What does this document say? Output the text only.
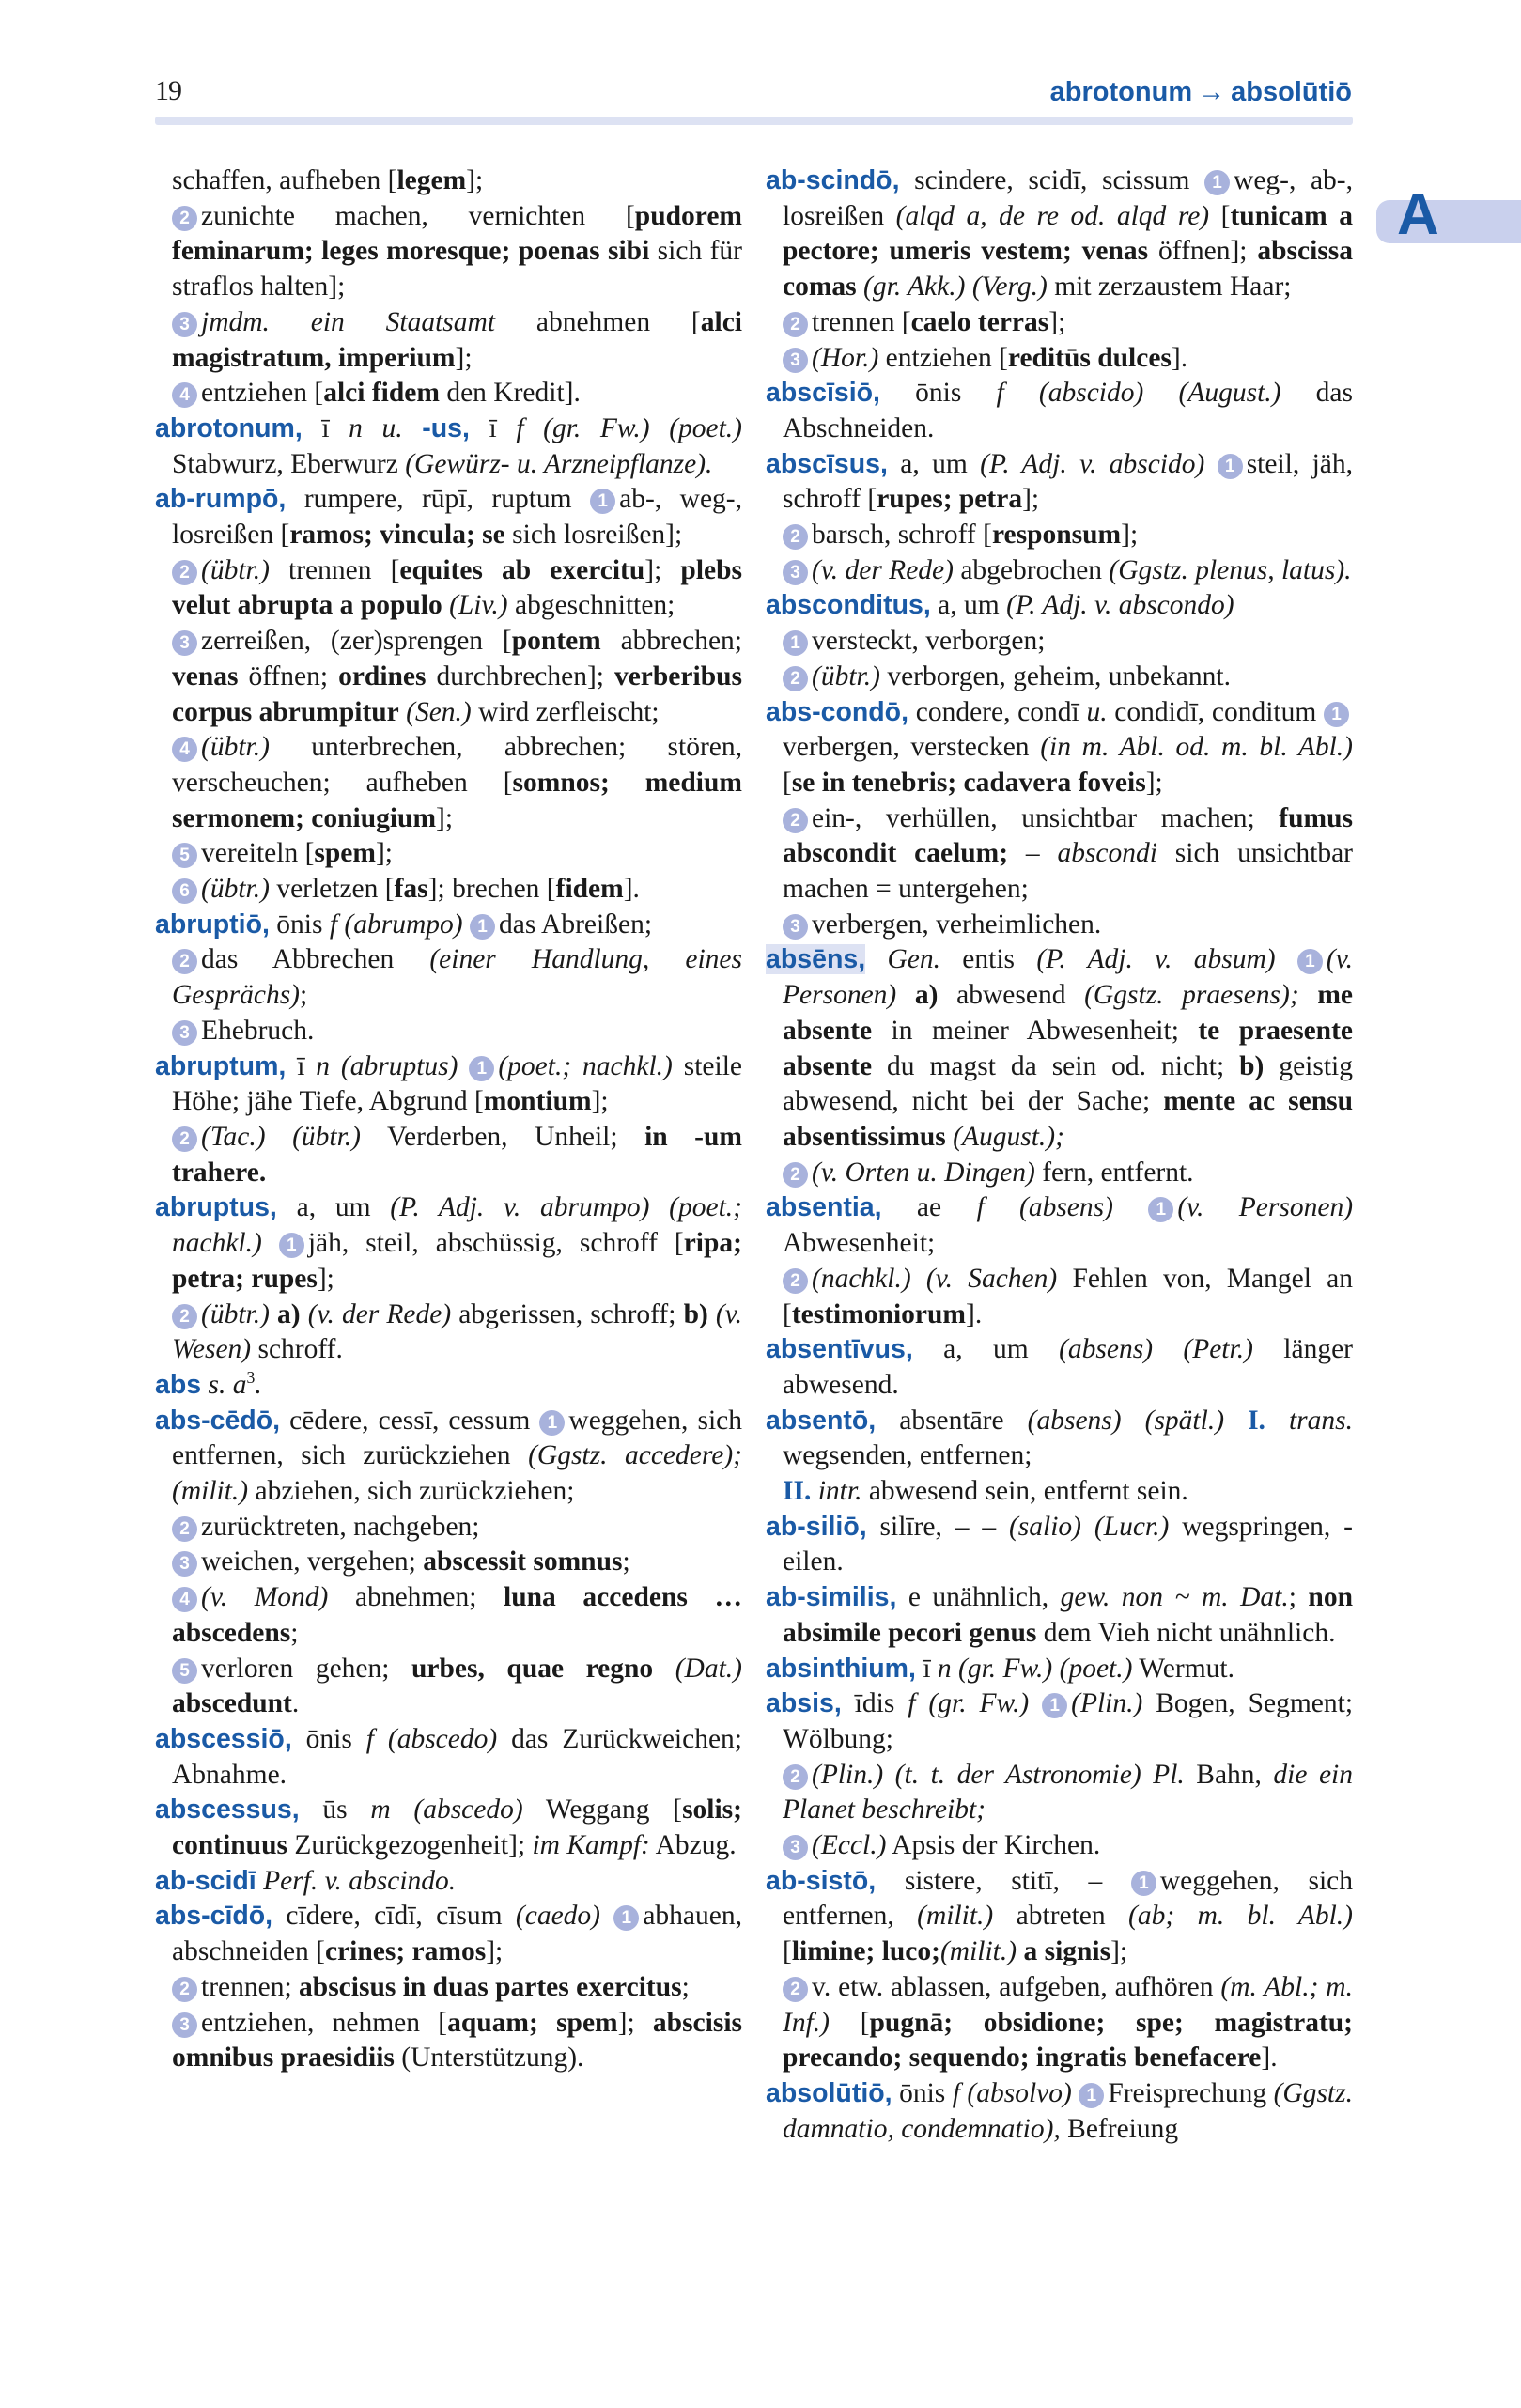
19	abrotonum → absolūtiō
A

schaffen, aufheben [legem];

2 zunichte machen, vernichten [pudorem feminarum; leges moresque; poenas sibi sich für straflos halten];

3 jmdm. ein Staatsamt abnehmen [alci magistratum, imperium];

4 entziehen [alci fidem den Kredit].

abrotonum, ī n u. -us, ī f (gr. Fw.) (poet.) Stabwurz, Eberwurz (Gewürz- u. Arzneipflanze).

ab-rumpō, rumpere, rūpī, ruptum 1 ab-, weg-, losreißen [ramos; vincula; se sich losreißen];

2 (übtr.) trennen [equites ab exercitu]; plebs velut abrupta a populo (Liv.) abgeschnitten;

3 zerreißen, (zer)sprengen [pontem abbrechen; venas öffnen; ordines durchbrechen]; verberibus corpus abrumpitur (Sen.) wird zerfleischt;

4 (übtr.) unterbrechen, abbrechen; stören, verscheuchen; aufheben [somnos; medium sermonem; coniugium];

5 vereiteln [spem];

6 (übtr.) verletzen [fas]; brechen [fidem].

abruptiō, ōnis f (abrumpo) 1 das Abreißen;

2 das Abbrechen (einer Handlung, eines Gesprächs);

3 Ehebruch.

abruptum, ī n (abruptus) 1 (poet.; nachkl.) steile Höhe; jähe Tiefe, Abgrund [montium];

2 (Tac.) (übtr.) Verderben, Unheil; in -um trahere.

abruptus, a, um (P. Adj. v. abrumpo) (poet.; nachkl.) 1 jäh, steil, abschüssig, schroff [ripa; petra; rupes];

2 (übtr.) a) (v. der Rede) abgerissen, schroff; b) (v. Wesen) schroff.

abs s. $a^3$.

abs-cēdō, cēdere, cessī, cessum 1 weggehen, sich entfernen, sich zurückziehen (Ggstz. accedere); (milit.) abziehen, sich zurückziehen;

2 zurücktreten, nachgeben;

3 weichen, vergehen; abscessit somnus;

4 (v. Mond) abnehmen; luna accedens … abscedens;

5 verloren gehen; urbes, quae regno (Dat.) abscedunt.

abscessiō, ōnis f (abscedo) das Zurückweichen; Abnahme.

abscessus, ūs m (abscedo) Weggang [solis; continuus Zurückgezogenheit]; im Kampf: Abzug.

ab-scidī Perf. v. abscindo.

abs-cīdō, cīdere, cīdī, cīsum (caedo) 1 abhauen, abschneiden [crines; ramos];

2 trennen; abscisus in duas partes exercitus;

3 entziehen, nehmen [aquam; spem]; abscisis omnibus praesidiis (Unterstützung).

ab-scindō, scindere, scidī, scissum 1 weg-, ab-, losreißen (alqd a, de re od. alqd re) [tunicam a pectore; umeris vestem; venas öffnen]; abscissa comas (gr. Akk.) (Verg.) mit zerzaustem Haar;

2 trennen [caelo terras];

3 (Hor.) entziehen [reditūs dulces].

abscīsiō, ōnis f (abscido) (August.) das Abschneiden.

abscīsus, a, um (P. Adj. v. abscido) 1 steil, jäh, schroff [rupes; petra];

2 barsch, schroff [responsum];

3 (v. der Rede) abgebrochen (Ggstz. plenus, latus).

absconditus, a, um (P. Adj. v. abscondo)

1 versteckt, verborgen;

2 (übtr.) verborgen, geheim, unbekannt.

abs-condō, condere, condī u. condidī, conditum 1verbergen, verstecken (in m. Abl. od. m. bl. Abl.) [se in tenebris; cadavera foveis];

2 ein-, verhüllen, unsichtbar machen; fumus abscondit caelum; – abscondi sich unsichtbar machen = untergehen;

3 verbergen, verheimlichen.

absēns, Gen. entis (P. Adj. v. absum) 1 (v. Personen) a) abwesend (Ggstz. praesens); me absente in meiner Abwesenheit; te praesente absente du magst da sein od. nicht; b) geistig abwesend, nicht bei der Sache; mente ac sensu absentissimus (August.);

2 (v. Orten u. Dingen) fern, entfernt.

absentia, ae f (absens) 1 (v. Personen) Abwesenheit;

2 (nachkl.) (v. Sachen) Fehlen von, Mangel an [testimoniorum].

absentīvus, a, um (absens) (Petr.) länger abwesend.

absentō, absentāre (absens) (spätl.) I. trans. wegsenden, entfernen;

II. intr. abwesend sein, entfernt sein.

ab-siliō, silīre, – – (salio) (Lucr.) wegspringen, -eilen.

ab-similis, e unähnlich, gew. non ~ m. Dat.; non absimile pecori genus dem Vieh nicht unähnlich.

absinthium, ī n (gr. Fw.) (poet.) Wermut.

absis, īdis f (gr. Fw.) 1 (Plin.) Bogen, Segment; Wölbung;

2 (Plin.) (t. t. der Astronomie) Pl. Bahn, die ein Planet beschreibt;

3 (Eccl.) Apsis der Kirchen.

ab-sistō, sistere, stitī, – 1 weggehen, sich entfernen, (milit.) abtreten (ab; m. bl. Abl.) [limine; luco;(milit.) a signis];

2 v. etw. ablassen, aufgeben, aufhören (m. Abl.; m. Inf.) [pugnā; obsidione; spe; magistratu; precando; sequendo; ingratis benefacere].

absolūtiō, ōnis f (absolvo) 1 Freisprechung (Ggstz. damnatio, condemnatio), Befreiung
